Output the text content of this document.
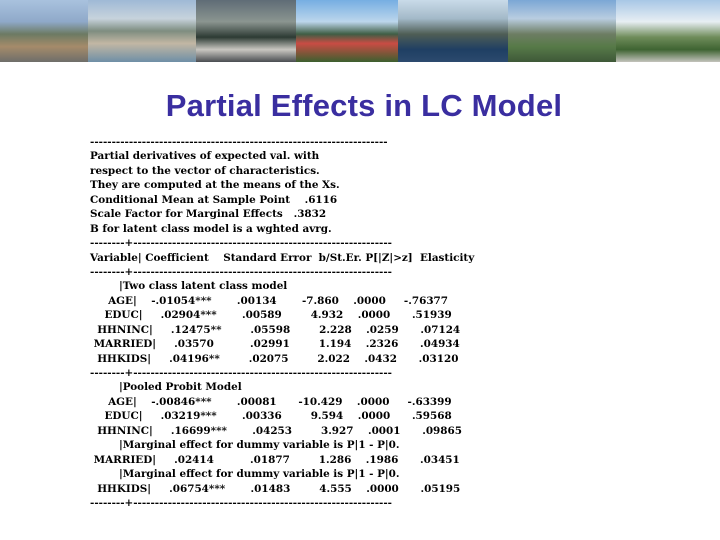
Partial Effects in LC Model
---------------------------------------------------------------------
Partial derivatives of expected val. with
respect to the vector of characteristics.
They are computed at the means of the Xs.
Conditional Mean at Sample Point    .6116
Scale Factor for Marginal Effects   .3832
B for latent class model is a wghted avrg.
--------+------------------------------------------------------------
Variable| Coefficient    Standard Error  b/St.Er. P[|Z|>z]  Elasticity
--------+------------------------------------------------------------
|Two class latent class model
AGE|    -.01054***       .00134       -7.860    .0000     -.76377
EDUC|     .02904***       .00589        4.932    .0000      .51939
HHNINC|     .12475**        .05598        2.228    .0259      .07124
MARRIED|     .03570          .02991        1.194    .2326      .04934
HHKIDS|     .04196**        .02075        2.022    .0432      .03120
--------+------------------------------------------------------------
|Pooled Probit Model
AGE|    -.00846***       .00081      -10.429    .0000     -.63399
EDUC|     .03219***       .00336        9.594    .0000      .59568
HHNINC|     .16699***       .04253        3.927    .0001      .09865
|Marginal effect for dummy variable is P|1 - P|0.
MARRIED|     .02414          .01877        1.286    .1986      .03451
|Marginal effect for dummy variable is P|1 - P|0.
HHKIDS|     .06754***       .01483        4.555    .0000      .05195
--------+------------------------------------------------------------
